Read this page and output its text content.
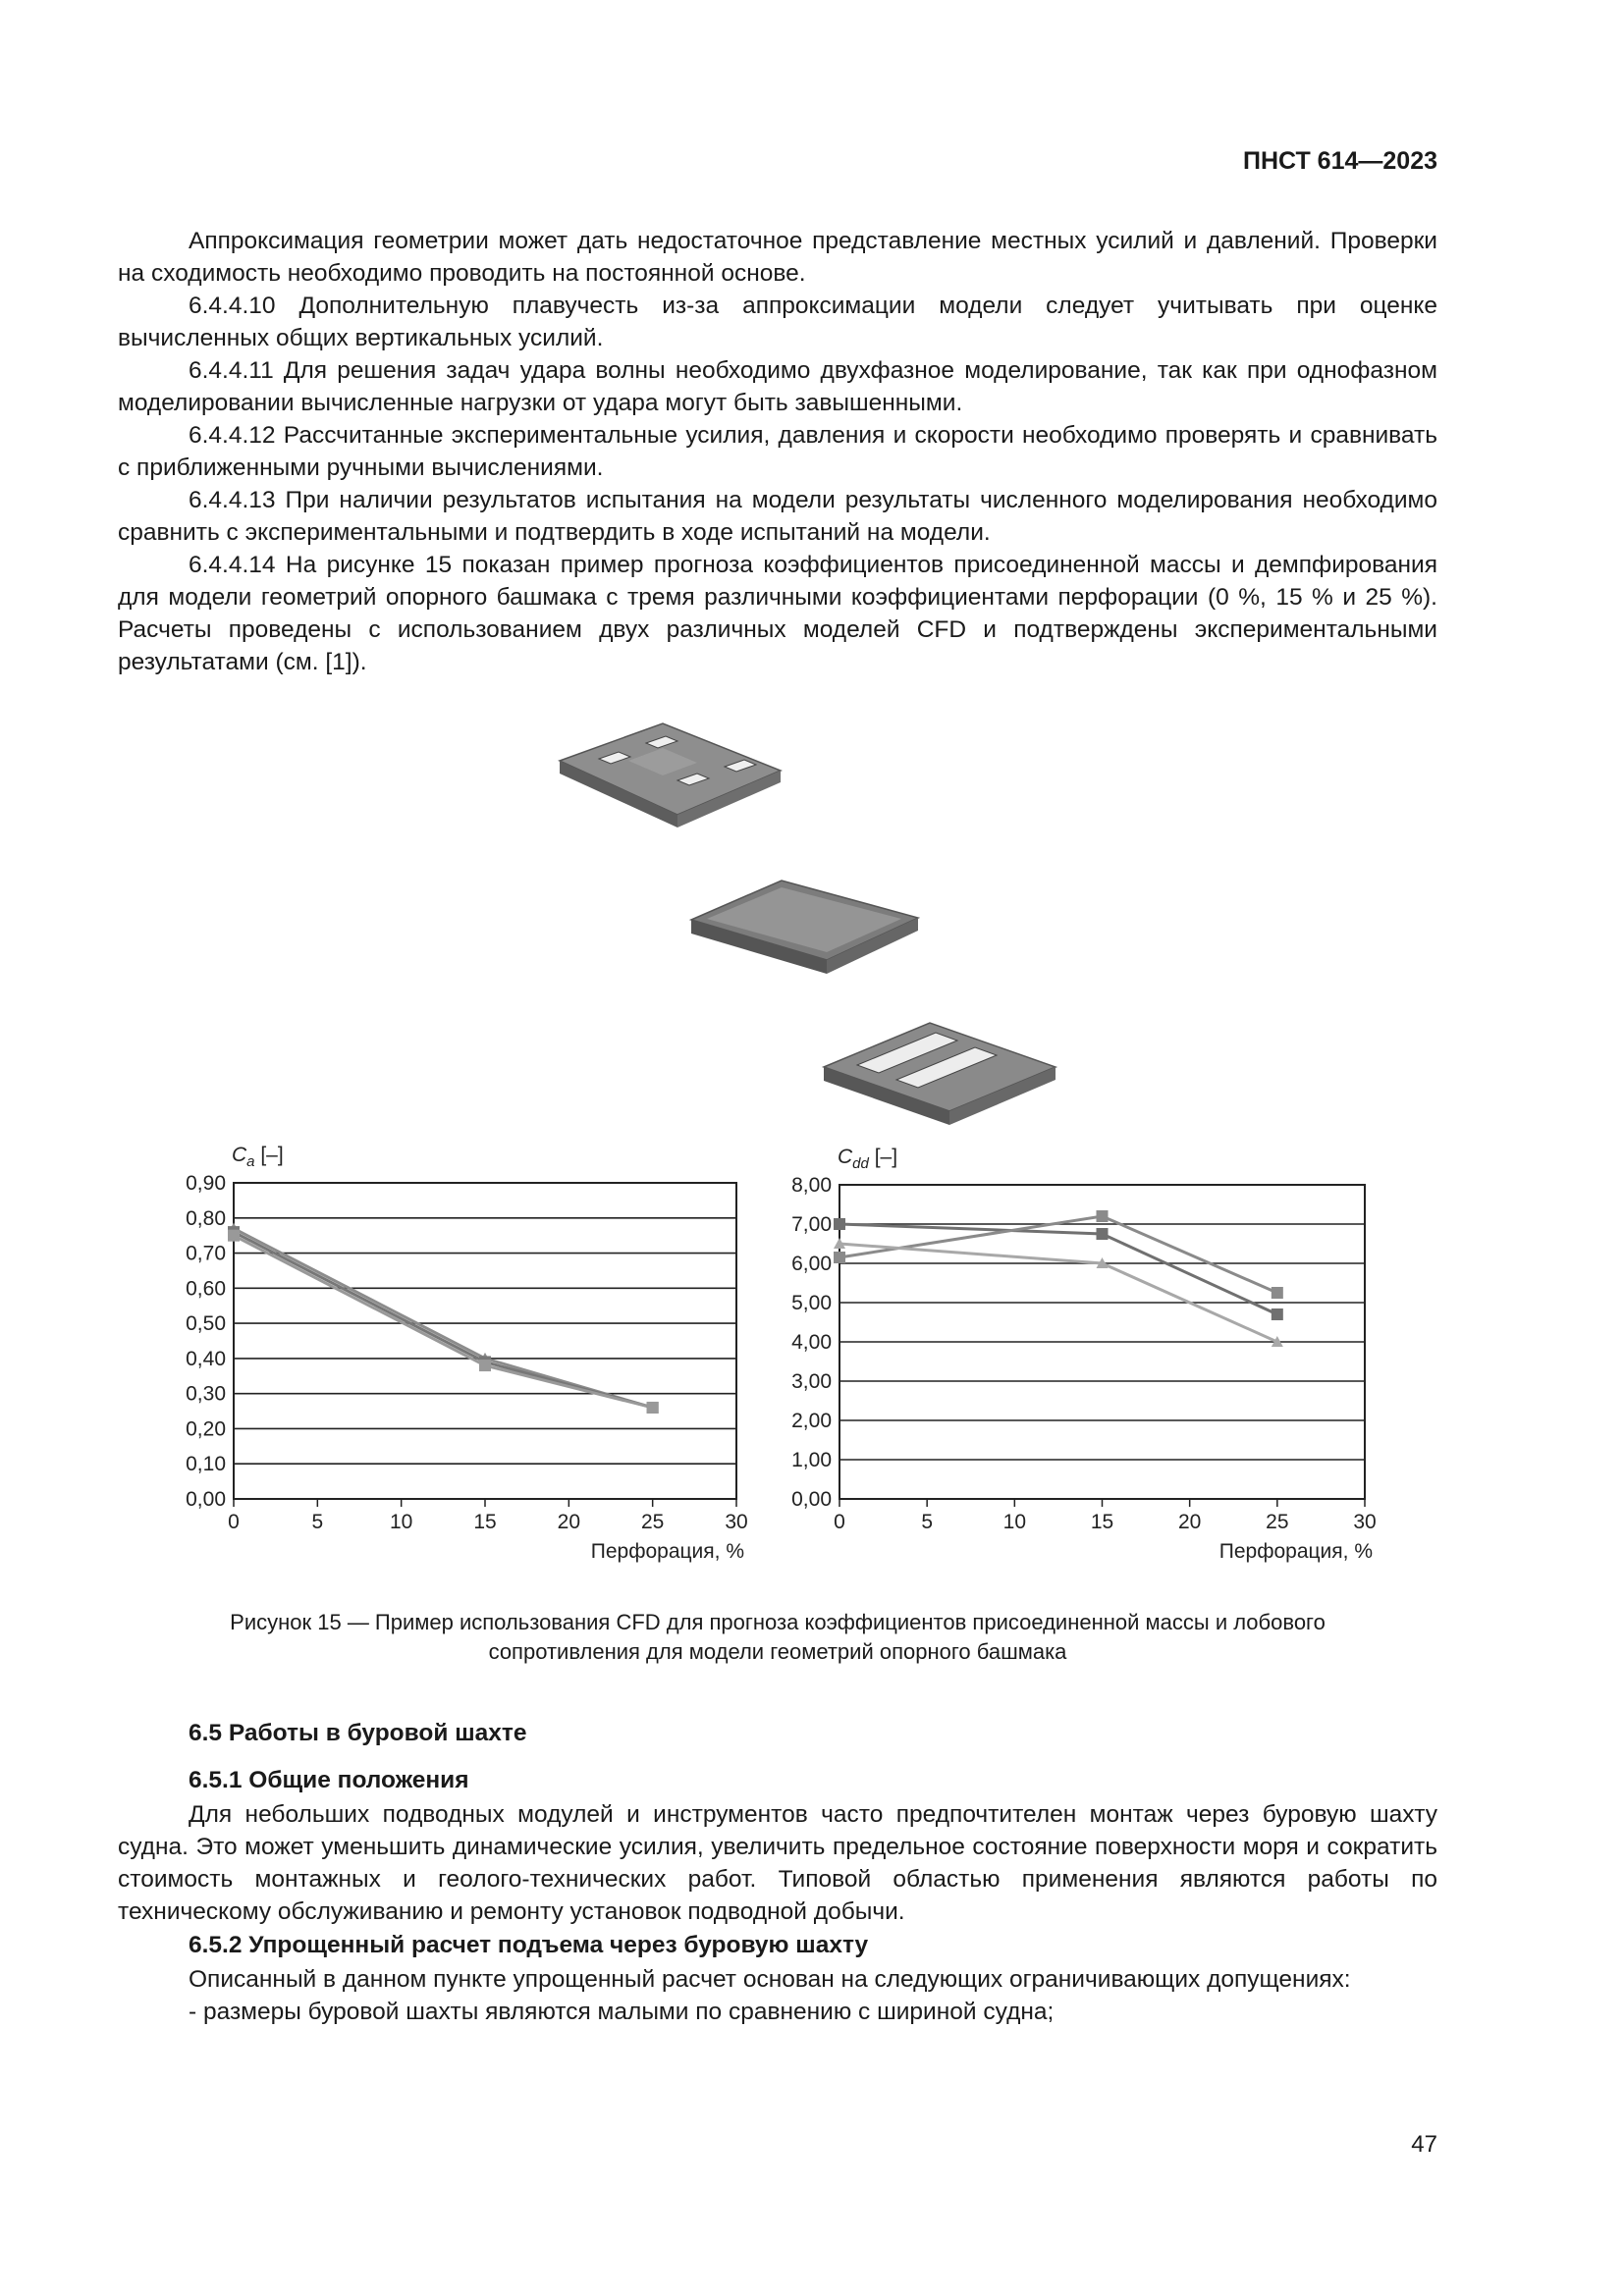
ПНСТ 614—2023

Аппроксимация геометрии может дать недостаточное представление местных усилий и давлений. Проверки на сходимость необходимо проводить на постоянной основе.

6.4.4.10 Дополнительную плавучесть из-за аппроксимации модели следует учитывать при оценке вычисленных общих вертикальных усилий.

6.4.4.11 Для решения задач удара волны необходимо двухфазное моделирование, так как при однофазном моделировании вычисленные нагрузки от удара могут быть завышенными.

6.4.4.12 Рассчитанные экспериментальные усилия, давления и скорости необходимо проверять и сравнивать с приближенными ручными вычислениями.

6.4.4.13 При наличии результатов испытания на модели результаты численного моделирования необходимо сравнить с экспериментальными и подтвердить в ходе испытаний на модели.

6.4.4.14 На рисунке 15 показан пример прогноза коэффициентов присоединенной массы и демпфирования для модели геометрий опорного башмака с тремя различными коэффициентами перфорации (0 %, 15 % и 25 %). Расчеты проведены с использованием двух различных моделей CFD и подтверждены экспериментальными результатами (см. [1]).

$C_a$ [–]
0,00
0,10
0,20
0,30
0,40
0,50
0,60
0,70
0,80
0,90
0	5	10	15	20	25	30
Перфорация, %
$C_{dd}$ [–]
0,00
1,00
2,00
3,00
4,00
5,00
6,00
7,00
8,00
0	5	10	15	20	25	30
Перфорация, %
Рисунок 15 — Пример использования CFD для прогноза коэффициентов присоединенной массы и лобового
сопротивления для модели геометрий опорного башмака
6.5 Работы в буровой шахте
6.5.1 Общие положения

Для небольших подводных модулей и инструментов часто предпочтителен монтаж через буровую шахту судна. Это может уменьшить динамические усилия, увеличить предельное состояние поверхности моря и сократить стоимость монтажных и геолого-технических работ. Типовой областью применения являются работы по техническому обслуживанию и ремонту установок подводной добычи.

6.5.2 Упрощенный расчет подъема через буровую шахту

Описанный в данном пункте упрощенный расчет основан на следующих ограничивающих допущениях:

- размеры буровой шахты являются малыми по сравнению с шириной судна;

47
